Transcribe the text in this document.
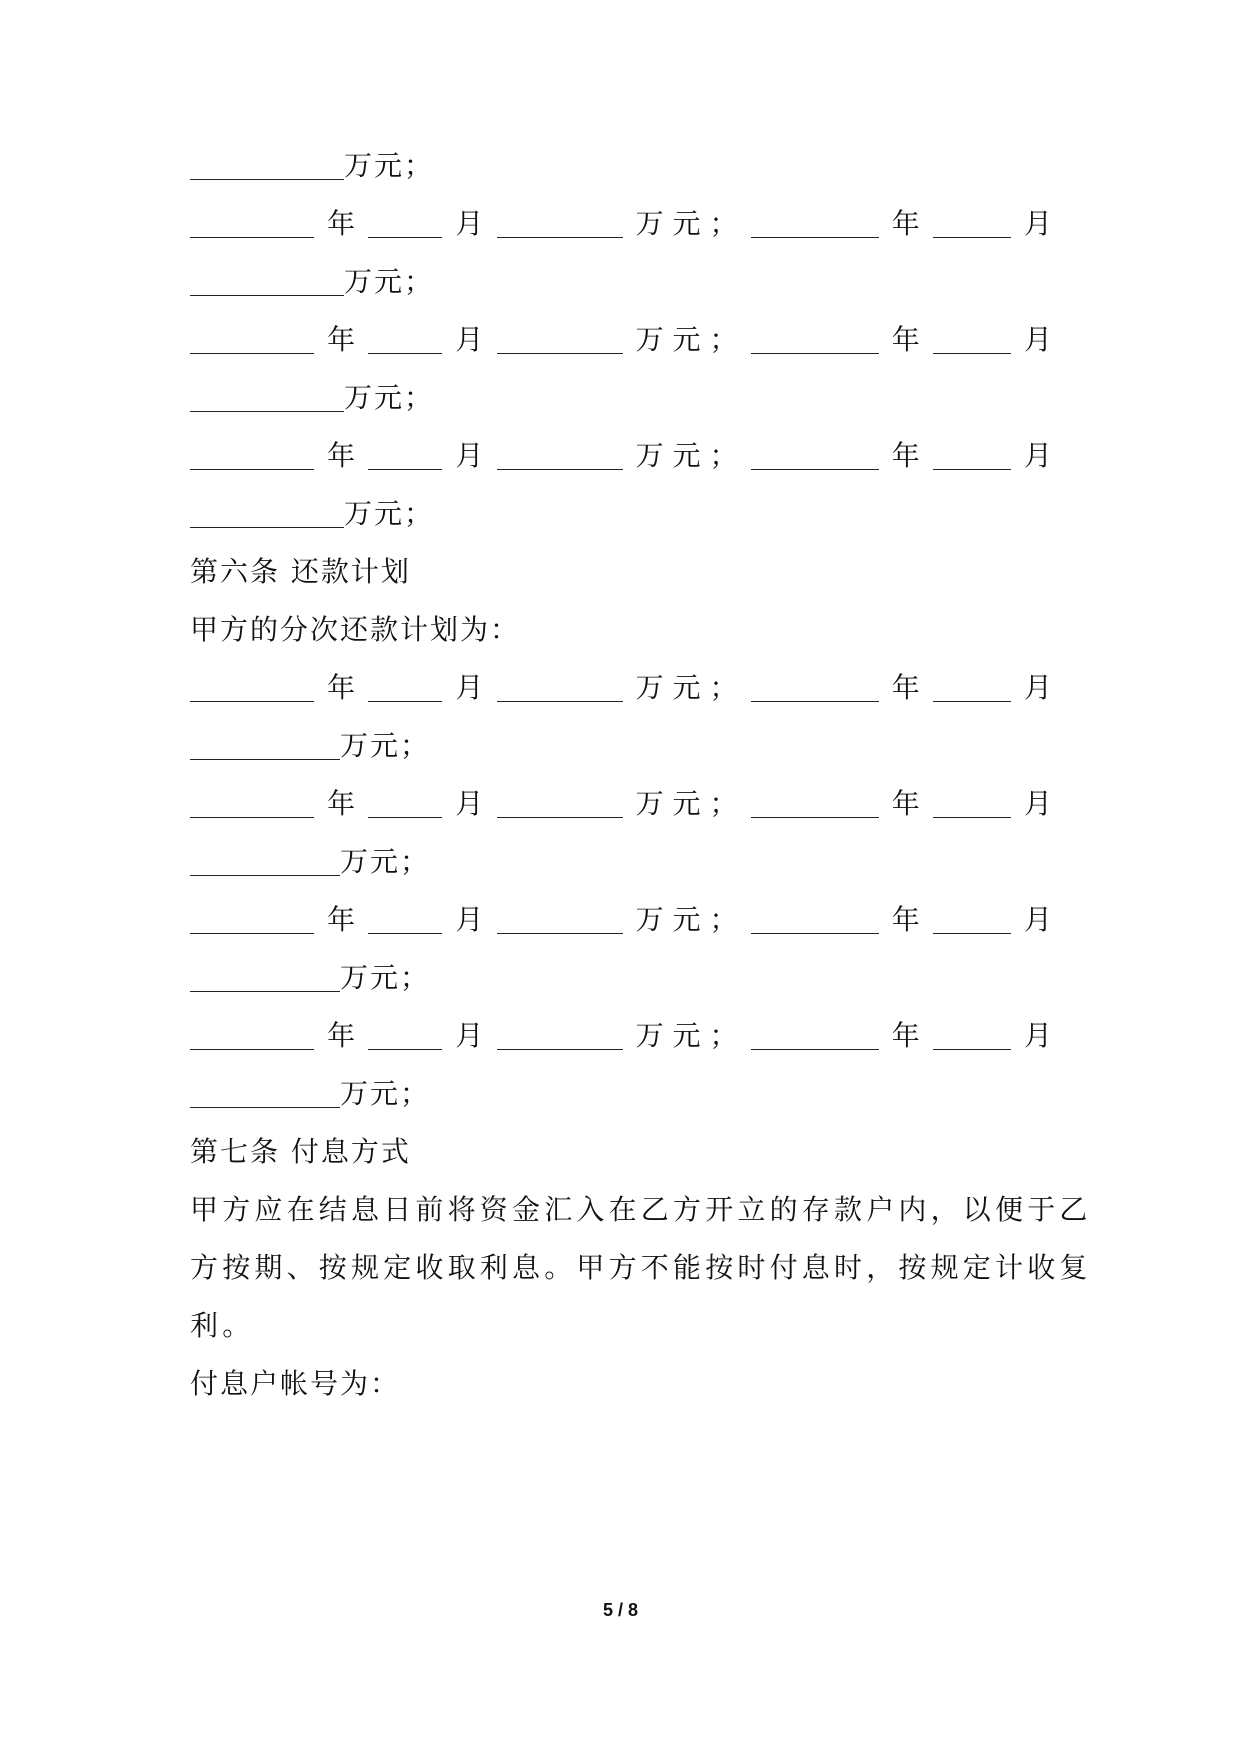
万元；
年	月	万 元 ；	年	月
万元；
年	月	万 元 ；	年	月
万元；
年	月	万 元 ；	年	月
万元；
第六条 还款计划
甲方的分次还款计划为：
年	月	万 元 ；	年	月
万元；
年	月	万 元 ；	年	月
万元；
年	月	万 元 ；	年	月
万元；
年	月	万 元 ；	年	月
万元；
第七条 付息方式
甲方应在结息日前将资金汇入在乙方开立的存款户内，以便于乙
方按期、按规定收取利息。甲方不能按时付息时，按规定计收复
利。
付息户帐号为：
5 / 8
